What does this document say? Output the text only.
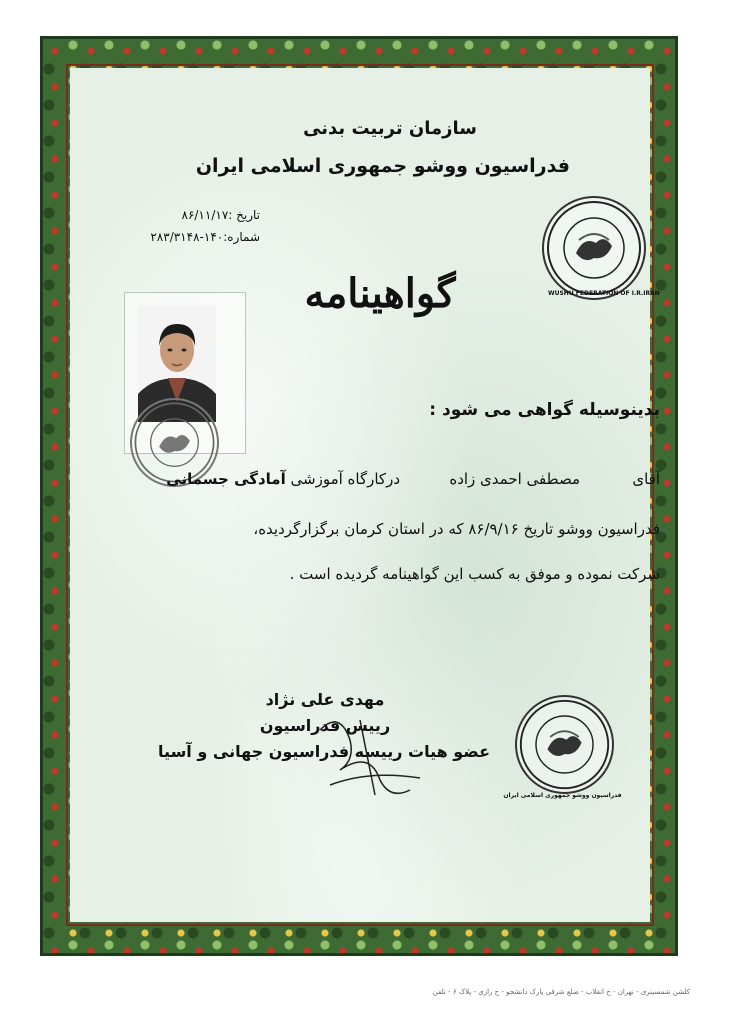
سازمان تربیت بدنی
فدراسیون ووشو جمهوری اسلامی ایران
تاریخ :۸۶/۱۱/۱۷
شماره:۱۴۰-۲۸۳/۳۱۴۸
WUSHU FEDERATION OF I.R.IRAN
گواهینامه
بدینوسیله گواهی می شود :
آقای
مصطفی احمدی زاده
درکارگاه آموزشی آمادگی جسمانی
فدراسیون ووشو تاریخ ۸۶/۹/۱۶ که در استان کرمان برگزارگردیده،
شرکت نموده و موفق به کسب این گواهینامه گردیده است .
مهدی علی نژاد
رییس فدراسیون
عضو هیات رییسه فدراسیون جهانی و آسیا
فدراسیون ووشو جمهوری اسلامی ایران
کلشن شمسیتری - تهران - خ انقلاب - ضلع شرقی پارک دانشجو - خ رازی - پلاک ۶ - تلفن
